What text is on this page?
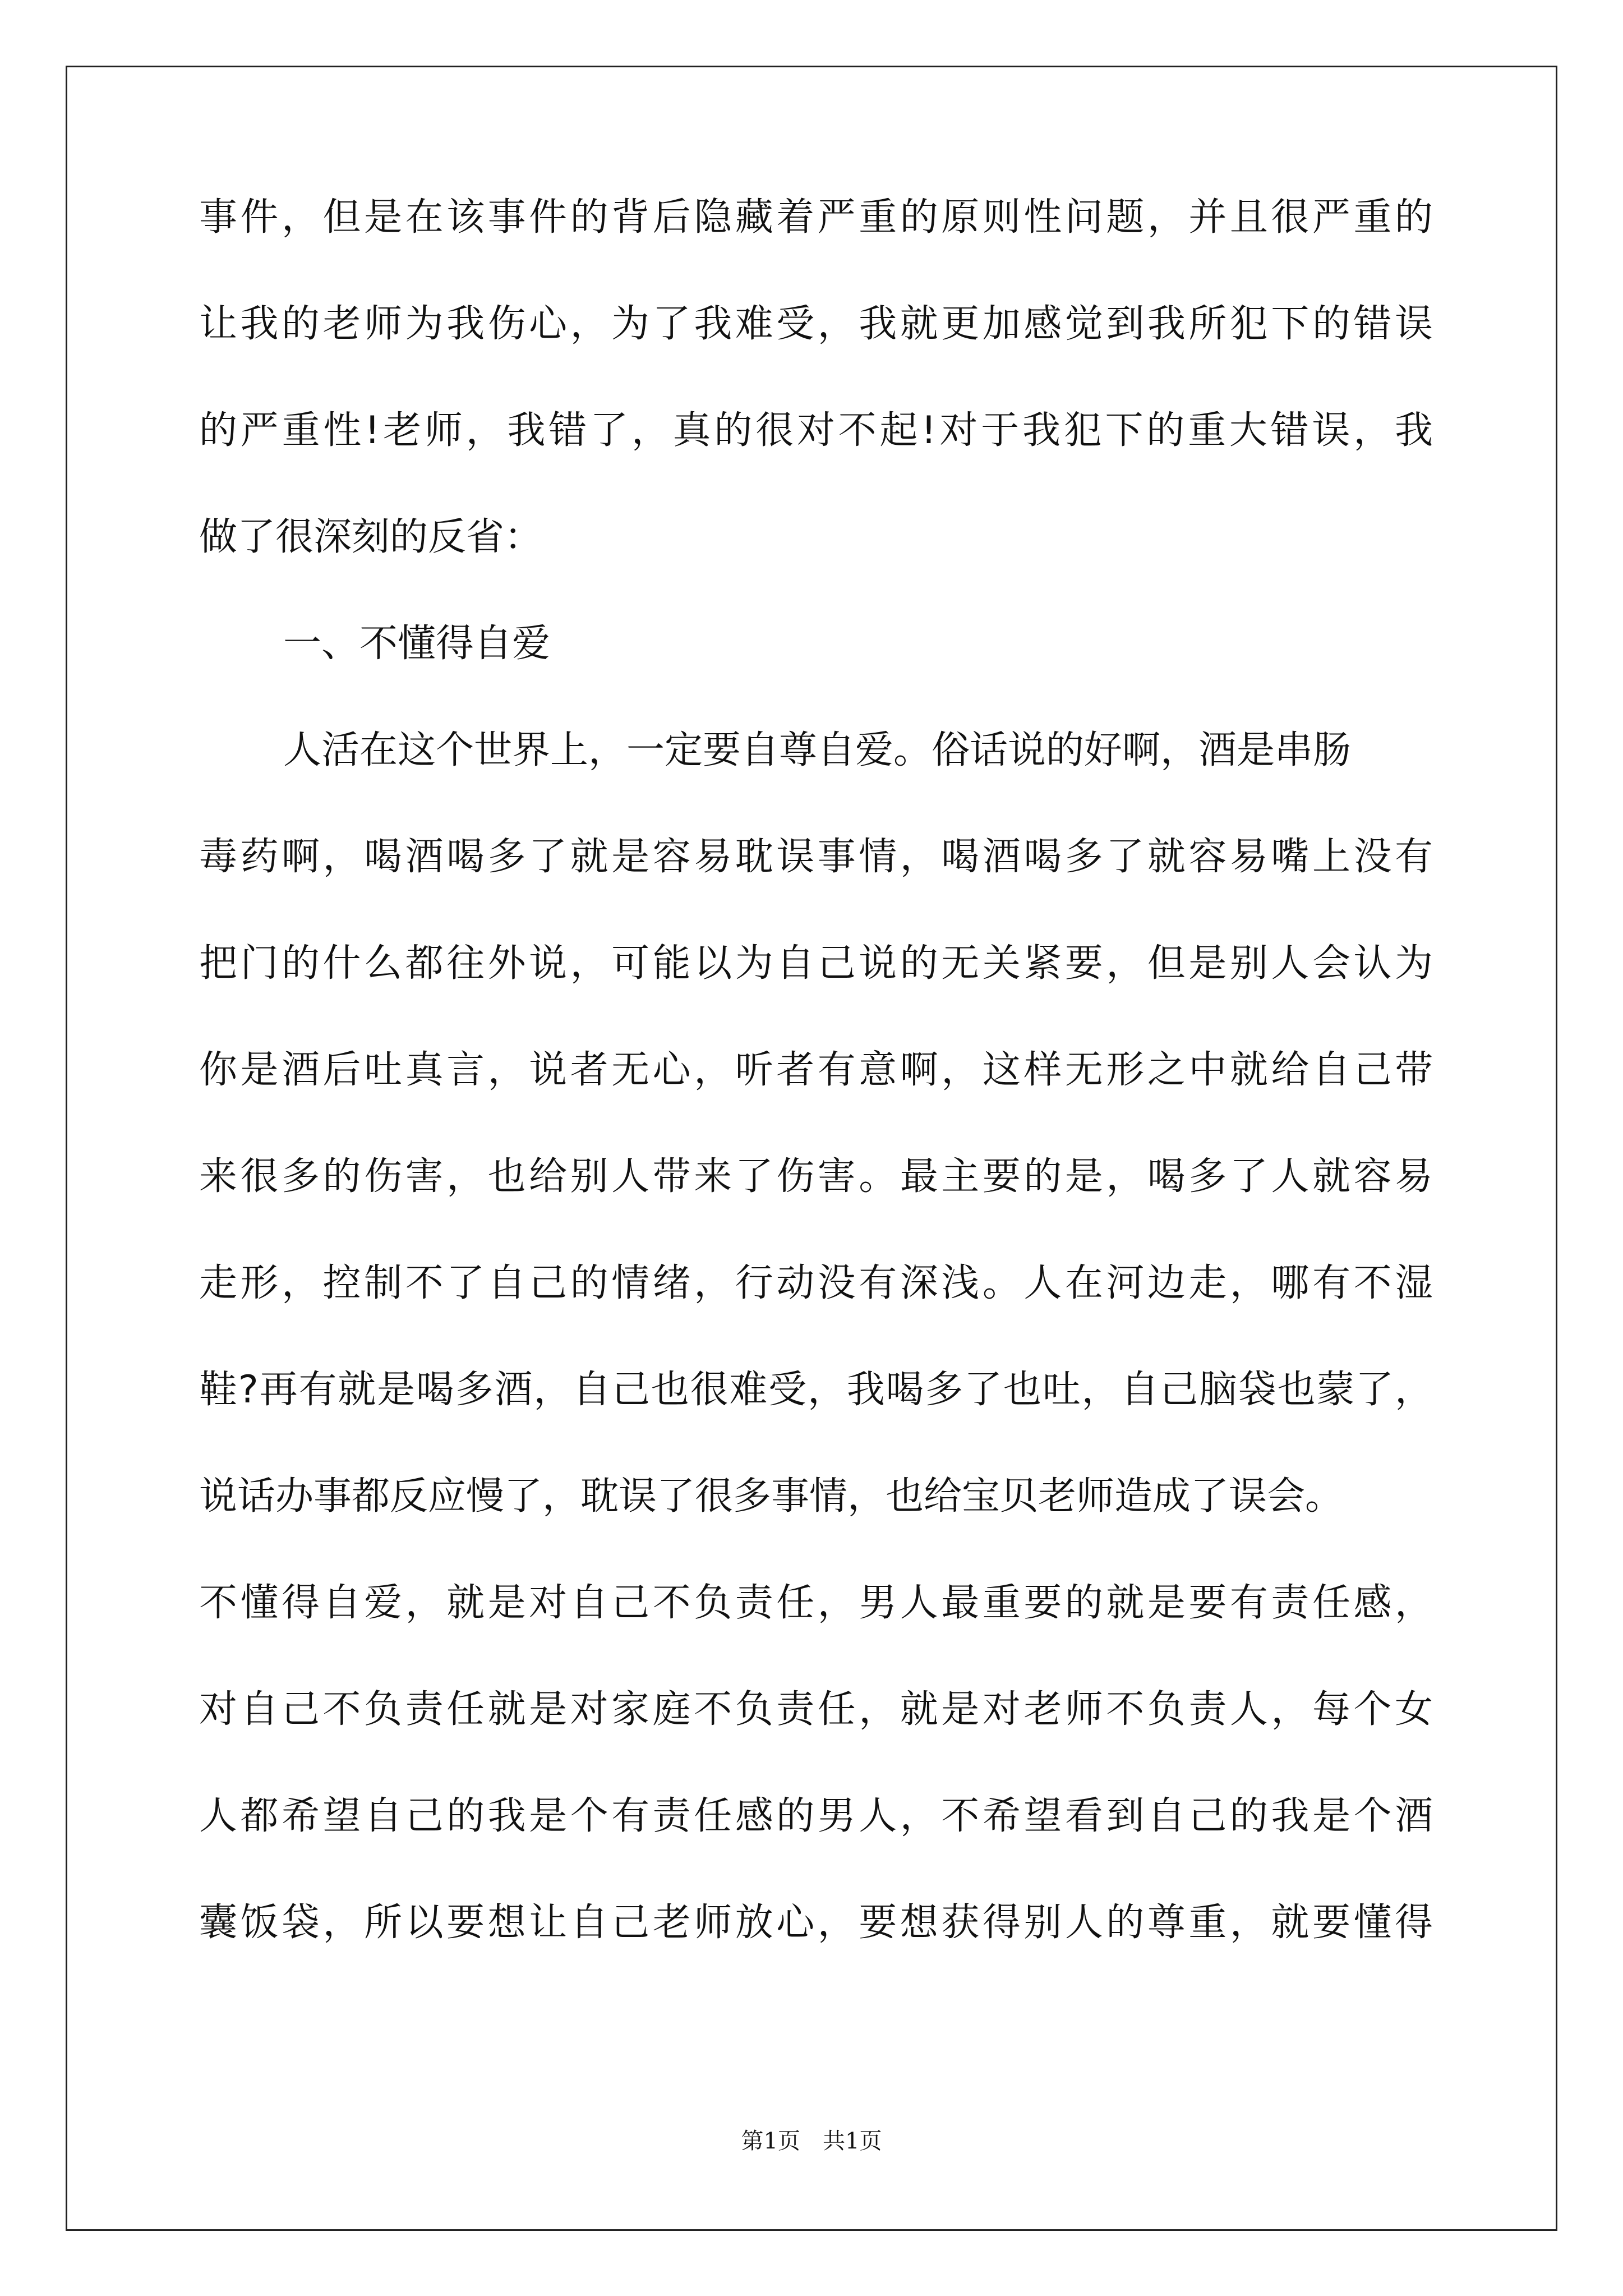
事件，但是在该事件的背后隐藏着严重的原则性问题，并且很严重的
让我的老师为我伤心，为了我难受，我就更加感觉到我所犯下的错误
的严重性!老师，我错了，真的很对不起!对于我犯下的重大错误，我
做了很深刻的反省：
一、不懂得自爱
人活在这个世界上，一定要自尊自爱。俗话说的好啊，酒是串肠
毒药啊，喝酒喝多了就是容易耽误事情，喝酒喝多了就容易嘴上没有
把门的什么都往外说，可能以为自己说的无关紧要，但是别人会认为
你是酒后吐真言，说者无心，听者有意啊，这样无形之中就给自己带
来很多的伤害，也给别人带来了伤害。最主要的是，喝多了人就容易
走形，控制不了自己的情绪，行动没有深浅。人在河边走，哪有不湿
鞋?再有就是喝多酒，自己也很难受，我喝多了也吐，自己脑袋也蒙了，
说话办事都反应慢了，耽误了很多事情，也给宝贝老师造成了误会。
不懂得自爱，就是对自己不负责任，男人最重要的就是要有责任感，
对自己不负责任就是对家庭不负责任，就是对老师不负责人，每个女
人都希望自己的我是个有责任感的男人，不希望看到自己的我是个酒
囊饭袋，所以要想让自己老师放心，要想获得别人的尊重，就要懂得
第1页 共1页
